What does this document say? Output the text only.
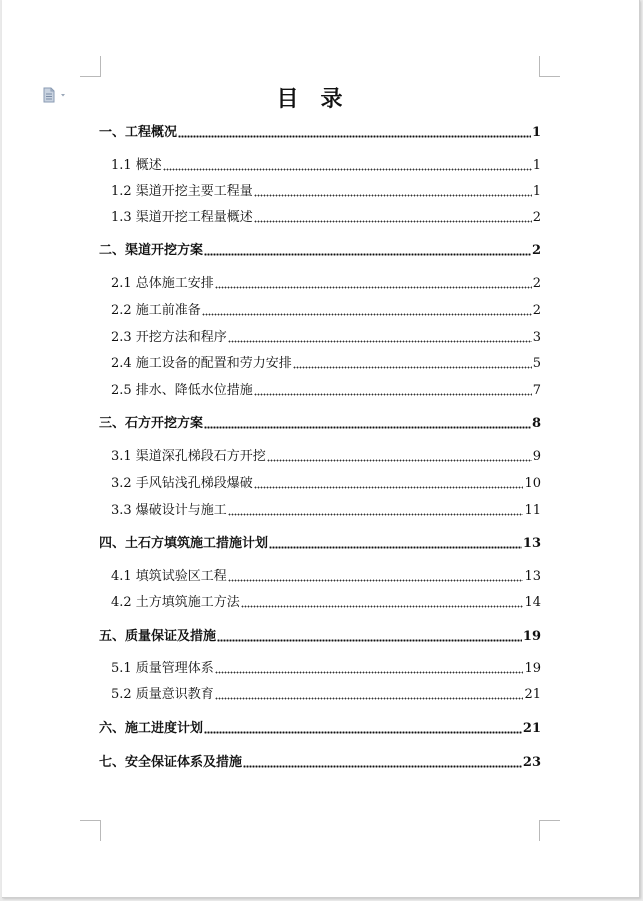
目录
一、工程概况	1
1.1 概述	1
1.2 渠道开挖主要工程量	1
1.3 渠道开挖工程量概述	2
二、渠道开挖方案	2
2.1 总体施工安排	2
2.2 施工前准备	2
2.3 开挖方法和程序	3
2.4 施工设备的配置和劳力安排	5
2.5 排水、降低水位措施	7
三、石方开挖方案	8
3.1 渠道深孔梯段石方开挖	9
3.2 手风钻浅孔梯段爆破	10
3.3 爆破设计与施工	11
四、土石方填筑施工措施计划	13
4.1 填筑试验区工程	13
4.2 土方填筑施工方法	14
五、质量保证及措施	19
5.1 质量管理体系	19
5.2 质量意识教育	21
六、施工进度计划	21
七、安全保证体系及措施	23
